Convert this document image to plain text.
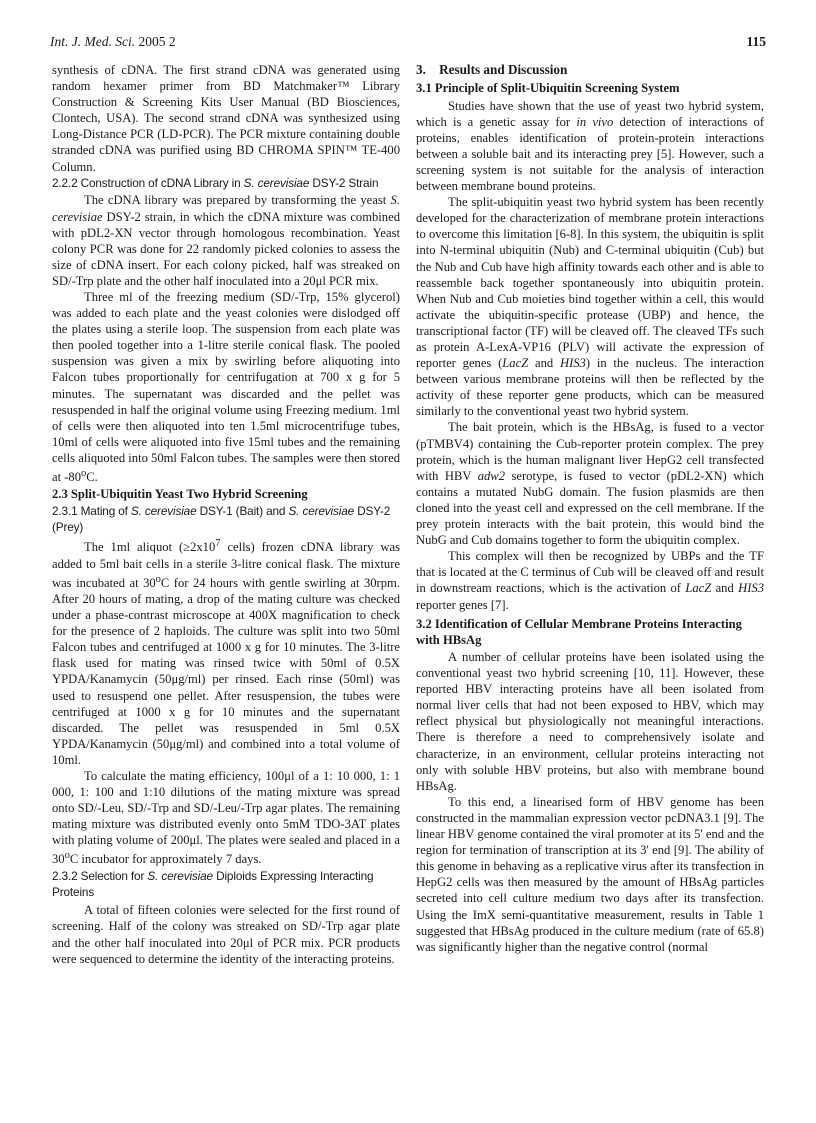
Int. J. Med. Sci. 2005 2	115

synthesis of cDNA. The first strand cDNA was generated using random hexamer primer from BD Matchmaker™ Library Construction & Screening Kits User Manual (BD Biosciences, Clontech, USA). The second strand cDNA was synthesized using Long-Distance PCR (LD-PCR). The PCR mixture containing double stranded cDNA was purified using BD CHROMA SPIN™ TE-400 Column.

2.2.2 Construction of cDNA Library in S. cerevisiae DSY-2 Strain

The cDNA library was prepared by transforming the yeast S. cerevisiae DSY-2 strain, in which the cDNA mixture was combined with pDL2-XN vector through homologous recombination. Yeast colony PCR was done for 22 randomly picked colonies to assess the size of cDNA insert. For each colony picked, half was streaked on SD/-Trp plate and the other half inoculated into a 20μl PCR mix.

Three ml of the freezing medium (SD/-Trp, 15% glycerol) was added to each plate and the yeast colonies were dislodged off the plates using a sterile loop. The suspension from each plate was then pooled together into a 1-litre sterile conical flask. The pooled suspension was given a mix by swirling before aliquoting into Falcon tubes proportionally for centrifugation at 700 x g for 5 minutes. The supernatant was discarded and the pellet was resuspended in half the original volume using Freezing medium. 1ml of cells were then aliquoted into ten 1.5ml microcentrifuge tubes, 10ml of cells were aliquoted into five 15ml tubes and the remaining cells aliquoted into 50ml Falcon tubes. The samples were then stored at -80$^o$C.

2.3 Split-Ubiquitin Yeast Two Hybrid Screening
2.3.1 Mating of S. cerevisiae DSY-1 (Bait) and S. cerevisiae DSY-2 (Prey)

The 1ml aliquot ($\ge 2x10^7$ cells) frozen cDNA library was added to 5ml bait cells in a sterile 3-litre conical flask. The mixture was incubated at 30$^o$C for 24 hours with gentle swirling at 30rpm. After 20 hours of mating, a drop of the mating culture was checked under a phase-contrast microscope at 400X magnification to check for the presence of 2 haploids. The culture was split into two 50ml Falcon tubes and centrifuged at 1000 x g for 10 minutes. The 3-litre flask used for mating was rinsed twice with 50ml of 0.5X YPDA/Kanamycin (50μg/ml) per rinsed. Each rinse (50ml) was used to resuspend one pellet. After resuspension, the tubes were centrifuged at 1000 x g for 10 minutes and the supernatant discarded. The pellet was resuspended in 5ml 0.5X YPDA/Kanamycin (50μg/ml) and combined into a total volume of 10ml.

To calculate the mating efficiency, 100μl of a 1: 10 000, 1: 1 000, 1: 100 and 1:10 dilutions of the mating mixture was spread onto SD/-Leu, SD/-Trp and SD/-Leu/-Trp agar plates. The remaining mating mixture was distributed evenly onto 5mM TDO-3AT plates with plating volume of 200μl. The plates were sealed and placed in a 30$^o$C incubator for approximately 7 days.

2.3.2 Selection for S. cerevisiae Diploids Expressing Interacting Proteins

A total of fifteen colonies were selected for the first round of screening. Half of the colony was streaked on SD/-Trp agar plate and the other half inoculated into 20μl of PCR mix. PCR products were sequenced to determine the identity of the interacting proteins.

3.    Results and Discussion
3.1 Principle of Split-Ubiquitin Screening System

Studies have shown that the use of yeast two hybrid system, which is a genetic assay for in vivo detection of interactions of proteins, enables identification of protein-protein interactions between a soluble bait and its interacting prey [5]. However, such a screening system is not suitable for the analysis of interaction between membrane bound proteins.

The split-ubiquitin yeast two hybrid system has been recently developed for the characterization of membrane protein interactions to overcome this limitation [6-8]. In this system, the ubiquitin is split into N-terminal ubiquitin (Nub) and C-terminal ubiquitin (Cub) but the Nub and Cub have high affinity towards each other and is able to reassemble back together spontaneously into ubiquitin protein. When Nub and Cub moieties bind together within a cell, this would activate the ubiquitin-specific protease (UBP) and hence, the transcriptional factor (TF) will be cleaved off. The cleaved TFs such as protein A-LexA-VP16 (PLV) will activate the expression of reporter genes (LacZ and HIS3) in the nucleus. The interaction between various membrane proteins will then be reflected by the activity of these reporter gene products, which can be measured similarly to the conventional yeast two hybrid system.

The bait protein, which is the HBsAg, is fused to a vector (pTMBV4) containing the Cub-reporter protein complex. The prey protein, which is the human malignant liver HepG2 cell transfected with HBV adw2 serotype, is fused to vector (pDL2-XN) which contains a mutated NubG domain. The fusion plasmids are then cloned into the yeast cell and expressed on the cell membrane. If the prey protein interacts with the bait protein, this would bind the NubG and Cub domains together to form the ubiquitin complex.

This complex will then be recognized by UBPs and the TF that is located at the C terminus of Cub will be cleaved off and result in downstream reactions, which is the activation of LacZ and HIS3 reporter genes [7].

3.2 Identification of Cellular Membrane Proteins Interacting with HBsAg

A number of cellular proteins have been isolated using the conventional yeast two hybrid screening [10, 11]. However, these reported HBV interacting proteins have all been isolated from normal liver cells that had not been exposed to HBV, which may reflect physical but physiologically not meaningful interactions. There is therefore a need to comprehensively isolate and characterize, in an environment, cellular proteins interacting not only with soluble HBV proteins, but also with membrane bound HBsAg.

To this end, a linearised form of HBV genome has been constructed in the mammalian expression vector pcDNA3.1 [9]. The linear HBV genome contained the viral promoter at its 5' end and the region for termination of transcription at its 3' end [9]. The ability of this genome in behaving as a replicative virus after its transfection in HepG2 cells was then measured by the amount of HBsAg particles secreted into cell culture medium two days after its transfection. Using the ImX semi-quantitative measurement, results in Table 1 suggested that HBsAg produced in the culture medium (rate of 65.8) was significantly higher than the negative control (normal
